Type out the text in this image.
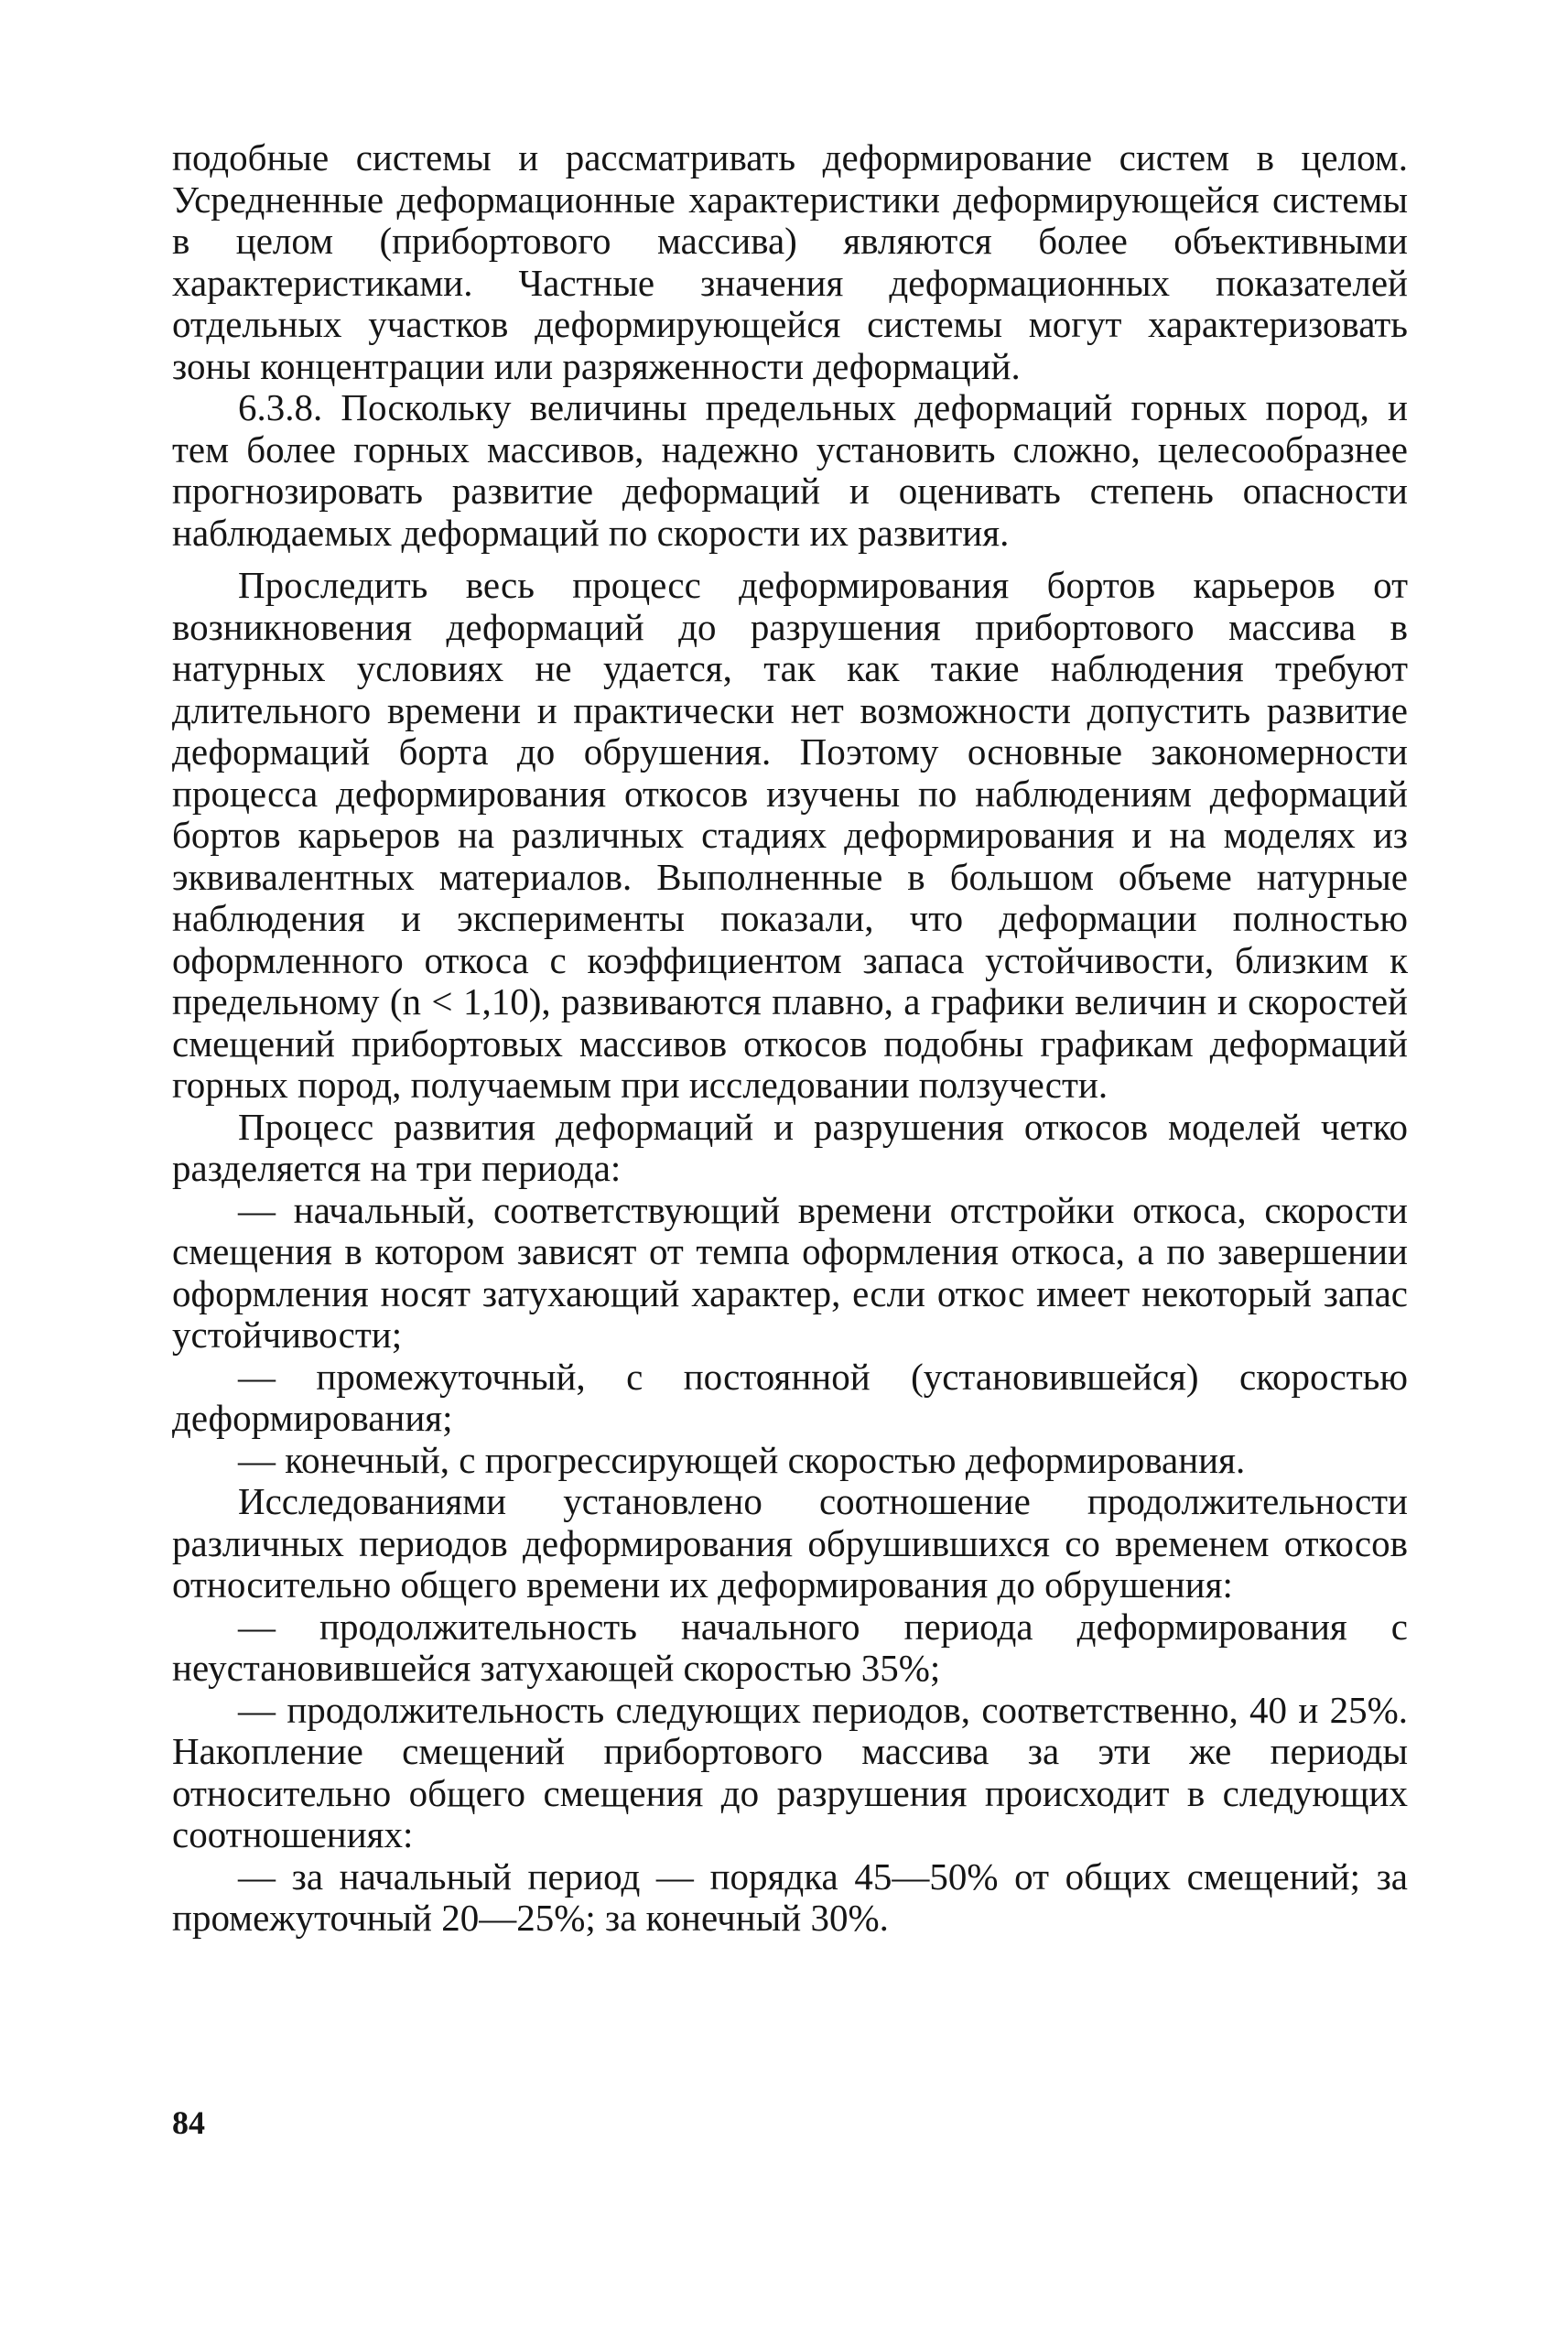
подобные системы и рассматривать деформирование систем в целом. Усредненные деформационные характеристики деформирующейся системы в целом (прибортового массива) являются более объективными характеристиками. Частные значения деформационных показателей отдельных участков деформирующейся системы могут характеризовать зоны концентрации или разряженности деформаций.

6.3.8. Поскольку величины предельных деформаций горных пород, и тем более горных массивов, надежно установить сложно, целесообразнее прогнозировать развитие деформаций и оценивать степень опасности наблюдаемых деформаций по скорости их развития.

Проследить весь процесс деформирования бортов карьеров от возникновения деформаций до разрушения прибортового массива в натурных условиях не удается, так как такие наблюдения требуют длительного времени и практически нет возможности допустить развитие деформаций борта до обрушения. Поэтому основные закономерности процесса деформирования откосов изучены по наблюдениям деформаций бортов карьеров на различных стадиях деформирования и на моделях из эквивалентных материалов. Выполненные в большом объеме натурные наблюдения и эксперименты показали, что деформации полностью оформленного откоса с коэффициентом запаса устойчивости, близким к предельному (n < 1,10), развиваются плавно, а графики величин и скоростей смещений прибортовых массивов откосов подобны графикам деформаций горных пород, получаемым при исследовании ползучести.

Процесс развития деформаций и разрушения откосов моделей четко разделяется на три периода:

— начальный, соответствующий времени отстройки откоса, скорости смещения в котором зависят от темпа оформления откоса, а по завершении оформления носят затухающий характер, если откос имеет некоторый запас устойчивости;

— промежуточный, с постоянной (установившейся) скоростью деформирования;

— конечный, с прогрессирующей скоростью деформирования.

Исследованиями установлено соотношение продолжительности различных периодов деформирования обрушившихся со временем откосов относительно общего времени их деформирования до обрушения:

— продолжительность начального периода деформирования с неустановившейся затухающей скоростью 35%;

— продолжительность следующих периодов, соответственно, 40 и 25%. Накопление смещений прибортового массива за эти же периоды относительно общего смещения до разрушения происходит в следующих соотношениях:

— за начальный период — порядка 45—50% от общих смещений; за промежуточный 20—25%; за конечный 30%.

84
